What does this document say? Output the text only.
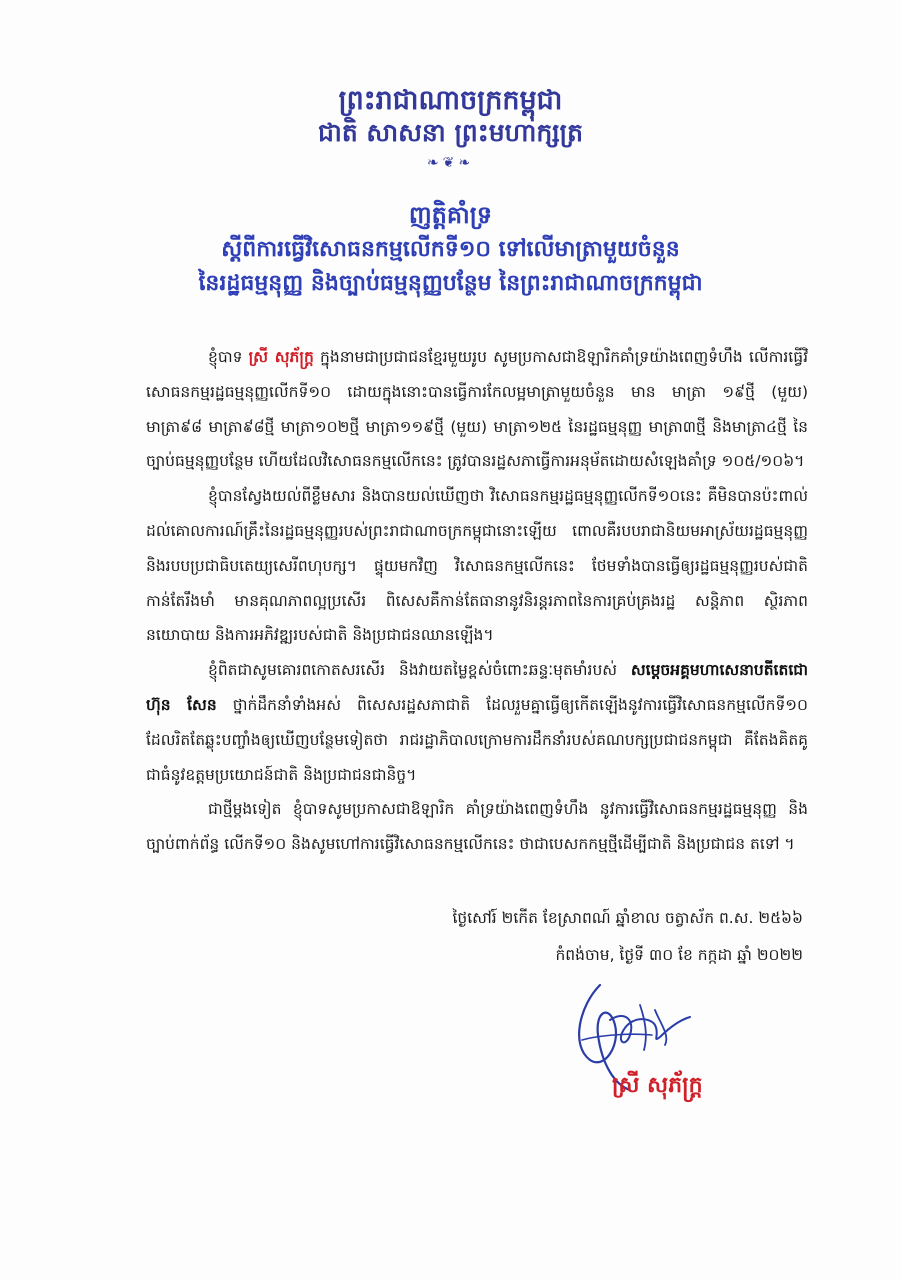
ព្រះរាជាណាចក្រកម្ពុជា
ជាតិ សាសនា ព្រះមហាក្សត្រ
❧❦❧
ញត្តិគាំទ្រ
ស្តីពីការធ្វើវិសោធនកម្មលើកទី១០ ទៅលើមាត្រាមួយចំនួន
នៃរដ្ឋធម្មនុញ្ញ និងច្បាប់ធម្មនុញ្ញបន្ថែម នៃព្រះរាជាណាចក្រកម្ពុជា

ខ្ញុំបាទ ស្រី សុភ័ក្ត្រ ក្នុងនាមជាប្រជាជនខ្មែរមួយរូប សូមប្រកាសជាឱឡារិកគាំទ្រយ៉ាងពេញទំហឹង លើការធ្វើវិសោធនកម្មរដ្ឋធម្មនុញ្ញលើកទី១០ ដោយក្នុងនោះបានធ្វើការកែលម្អមាត្រាមួយចំនួន មាន មាត្រា ១៩ថ្មី (មួយ) មាត្រា៩៨ មាត្រា៩៨ថ្មី មាត្រា១០២ថ្មី មាត្រា១១៩ថ្មី (មួយ) មាត្រា១២៥ នៃរដ្ឋធម្មនុញ្ញ មាត្រា៣ថ្មី និងមាត្រា៤ថ្មី នៃច្បាប់ធម្មនុញ្ញបន្ថែម ហើយដែលវិសោធនកម្មលើកនេះ ត្រូវបានរដ្ឋសភាធ្វើការអនុម័តដោយសំឡេងគាំទ្រ ១០៥/១០៦។

ខ្ញុំបានស្វែងយល់ពីខ្លឹមសារ និងបានយល់ឃើញថា វិសោធនកម្មរដ្ឋធម្មនុញ្ញលើកទី១០នេះ គឺមិនបានប៉ះពាល់ដល់គោលការណ៍គ្រឹះនៃរដ្ឋធម្មនុញ្ញរបស់ព្រះរាជាណាចក្រកម្ពុជានោះឡើយ ពោលគឺរបបរាជានិយមអាស្រ័យរដ្ឋធម្មនុញ្ញ និងរបបប្រជាធិបតេយ្យសេរីពហុបក្ស។ ផ្ទុយមកវិញ វិសោធនកម្មលើកនេះ ថែមទាំងបានធ្វើឲ្យរដ្ឋធម្មនុញ្ញរបស់ជាតិកាន់តែរឹងមាំ មានគុណភាពល្អប្រសើរ ពិសេសគឺកាន់តែធានានូវនិរន្តរភាពនៃការគ្រប់គ្រងរដ្ឋ សន្តិភាព ស្ថិរភាពនយោបាយ និងការអភិវឌ្ឍរបស់ជាតិ និងប្រជាជនឈានឡើង។

ខ្ញុំពិតជាសូមគោរពកោតសរសើរ និងវាយតម្លៃខ្ពស់ចំពោះឆន្ទៈមុតមាំរបស់ សម្តេចអគ្គមហាសេនាបតីតេជោ ហ៊ុន សែន ថ្នាក់ដឹកនាំទាំងអស់ ពិសេសរដ្ឋសភាជាតិ ដែលរួមគ្នាធ្វើឲ្យកើតឡើងនូវការធ្វើវិសោធនកម្មលើកទី១០ ដែលរិតតែឆ្លុះបញ្ចាំងឲ្យឃើញបន្ថែមទៀតថា រាជរដ្ឋាភិបាលក្រោមការដឹកនាំរបស់គណបក្សប្រជាជនកម្ពុជា គឺតែងគិតគូជាធំនូវឧត្តមប្រយោជន៍ជាតិ និងប្រជាជនជានិច្ច។

ជាថ្មីម្តងទៀត ខ្ញុំបាទសូមប្រកាសជាឱឡារិក គាំទ្រយ៉ាងពេញទំហឹង នូវការធ្វើវិសោធនកម្មរដ្ឋធម្មនុញ្ញ និងច្បាប់ពាក់ព័ន្ធ លើកទី១០ និងសូមហៅការធ្វើវិសោធនកម្មលើកនេះ ថាជាបេសកកម្មថ្មីដើម្បីជាតិ និងប្រជាជន តទៅ ។

ថ្ងៃសៅរ៍ ២កើត ខែស្រាពណ៍ ឆ្នាំខាល ចត្វាស័ក ព.ស. ២៥៦៦
កំពង់ចាម, ថ្ងៃទី ៣០ ខែ កក្កដា ឆ្នាំ ២០២២
ស្រី សុភ័ក្ត្រ
